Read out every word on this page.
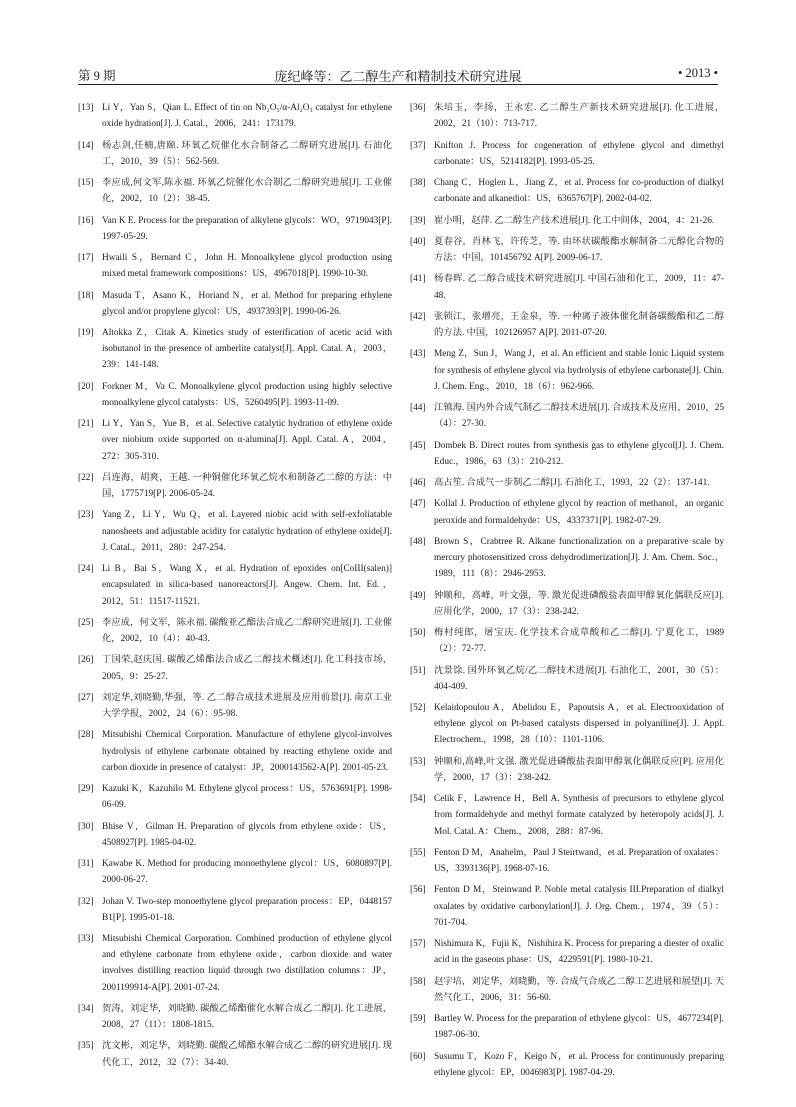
第 9 期	庞纪峰等：乙二醇生产和精制技术研究进展	• 2013 •
[13] Li Y，Yan S，Qian L. Effect of tin on Nb₂O₅/α-Al₂O₃ catalyst for ethylene oxide hydration[J]. J. Catal.，2006，241：173179.
[14] 杨志剑,任楠,唐颐. 环氧乙烷催化水合制备乙二醇研究进展[J]. 石油化工，2010，39（5）：562-569.
[15] 李应成,何文军,陈永福. 环氧乙烷催化水合制乙二醇研究进展[J]. 工业催化，2002，10（2）：38-45.
[16] Van K E. Process for the preparation of alkylene glycols：WO，9719043[P]. 1997-05-29.
[17] Hwaili S，Bernard C，John H. Monoalkylene glycol production using mixed metal framework compositions：US，4967018[P]. 1990-10-30.
[18] Masuda T，Asano K，Horiand N，et al. Method for preparing ethylene glycol and/or propylene glycol：US，4937393[P]. 1990-06-26.
[19] Altokka Z，Citak A. Kinetics study of esterification of acetic acid with isobutanol in the presence of amberlite catalyst[J]. Appl. Catal. A，2003，239：141-148.
[20] Forkner M，Va C. Monoalkylene glycol production using highly selective monoalkylene glycol catalysts：US，5260495[P]. 1993-11-09.
[21] Li Y，Yan S，Yue B，et al. Selective catalytic hydration of ethylene oxide over niobium oxide supported on α-alumina[J]. Appl. Catal. A，2004，272：305-310.
[22] 吕连海，胡爽，王越. 一种铜催化环氧乙烷水和制备乙二醇的方法：中国，1775719[P]. 2006-05-24.
[23] Yang Z，Li Y，Wu Q，et al. Layered niobic acid with self-exfoliatable nanosheets and adjustable acidity for catalytic hydration of ethylene oxide[J]. J. Catal.，2011，280：247-254.
[24] Li B，Bai S，Wang X，et al. Hydration of epoxides on[CoIII(salen)] encapsulated in silica-based nanoreactors[J]. Angew. Chem. Int. Ed.，2012，51：11517-11521.
[25] 李应成，何文军，陈永福. 碳酸亚乙酯法合成乙二醇研究进展[J]. 工业催化，2002，10（4）：40-43.
[26] 丁国荣,赵庆国. 碳酸乙烯酯法合成乙二醇技术概述[J]. 化工科技市场，2005，9：25-27.
[27] 刘定华,刘晓勤,华强，等. 乙二醇合成技术进展及应用前景[J]. 南京工业大学学报，2002，24（6）：95-98.
[28] Mitsubishi Chemical Corporation. Manufacture of ethylene glycol-involves hydrolysis of ethylene carbonate obtained by reacting ethylene oxide and carbon dioxide in presence of catalyst：JP，2000143562-A[P]. 2001-05-23.
[29] Kazuki K，Kazuhilo M. Ethylene glycol process：US，5763691[P]. 1998-06-09.
[30] Bhise V，Gilman H. Preparation of glycols from ethylene oxide：US，4508927[P]. 1985-04-02.
[31] Kawabe K. Method for producing monoethylene glycol：US，6080897[P]. 2000-06-27.
[32] Johan V. Two-step monoethylene glycol preparation process：EP，0448157 B1[P]. 1995-01-18.
[33] Mitsubishi Chemical Corporation. Combined production of ethylene glycol and ethylene carbonate from ethylene oxide，carbon dioxide and water involves distilling reaction liquid through two distillation columns：JP，2001199914-A[P]. 2001-07-24.
[34] 贺涛，刘定华，刘晓勤. 碳酸乙烯酯催化水解合成乙二醇[J]. 化工进展，2008，27（11）：1808-1815.
[35] 沈文彬，刘定华，刘晓勤. 碳酸乙烯酯水解合成乙二醇的研究进展[J]. 现代化工，2012，32（7）：34-40.
[36] 朱培玉，李扬，王永宏. 乙二醇生产新技术研究进展[J]. 化工进展，2002，21（10）：713-717.
[37] Knifton J. Process for cogeneration of ethylene glycol and dimethyl carbonate：US，5214182[P]. 1993-05-25.
[38] Chang C，Hoglen L，Jiang Z，et al. Process for co-production of dialkyl carbonate and alkanediol：US，6365767[P]. 2002-04-02.
[39] 崔小明，赵萍. 乙二醇生产技术进展[J]. 化工中间体，2004，4：21-26.
[40] 夏春谷，肖林飞，许传芝，等. 由环状碳酸酯水解制备二元醇化合物的方法：中国，101456792 A[P]. 2009-06-17.
[41] 杨春晖. 乙二醇合成技术研究进展[J]. 中国石油和化工，2009，11：47-48.
[42] 张锁江，张增亮，王金泉，等. 一种离子液体催化制备碳酸酯和乙二醇的方法. 中国，102126957 A[P]. 2011-07-20.
[43] Meng Z，Sun J，Wang J，et al. An efficient and stable Ionic Liquid system for synthesis of ethylene glycol via hydrolysis of ethylene carbonate[J]. Chin. J. Chem. Eng.，2010，18（6）：962-966.
[44] 江镇海. 国内外合成气制乙二醇技术进展[J]. 合成技术及应用，2010，25（4）：27-30.
[45] Dombek B. Direct routes from synthesis gas to ethylene glycol[J]. J. Chem. Educ.，1986，63（3）：210-212.
[46] 高占笙. 合成气一步制乙二醇[J]. 石油化工，1993，22（2）：137-141.
[47] Kollal J. Production of ethylene glycol by reaction of methanol，an organic peroxide and formaldehyde：US，4337371[P]. 1982-07-29.
[48] Brown S，Crabtree R. Alkane functionalization on a preparative scale by mercury photosensitized cross dehydrodimerization[J]. J. Am. Chem. Soc.，1989，111（8）：2946-2953.
[49] 钟顺和，高峰，叶文强，等. 激光促进磷酸盐表面甲醇氧化偶联反应[J]. 应用化学，2000，17（3）：238-242.
[50] 梅村纯郎，屠宝庆. 化学技术合成草酸和乙二醇[J]. 宁夏化工，1989（2）：72-77.
[51] 沈景馀. 国外环氧乙烷/乙二醇技术进展[J]. 石油化工，2001，30（5）：404-409.
[52] Kelaidopoulou A，Abelidou E，Papoutsis A，et al. Electrooxidation of ethylene glycol on Pt-based catalysts dispersed in polyaniline[J]. J. Appl. Electrochem.，1998，28（10）：1101-1106.
[53] 钟顺和,高峰,叶文强. 激光促进磷酸盐表面甲醇氧化偶联反应[P]. 应用化学，2000，17（3）：238-242.
[54] Celik F，Lawrence H，Bell A. Synthesis of precursors to ethylene glycol from formaldehyde and methyl formate catalyzed by heteropoly acids[J]. J. Mol. Catal. A：Chem.，2008，288：87-96.
[55] Fenton D M，Anahelm，Paul J Steirtwand，et al. Preparation of oxalates：US，3393136[P]. 1968-07-16.
[56] Fenton D M，Steinwand P. Noble metal catalysis III.Preparation of dialkyl oxalates by oxidative carbonylation[J]. J. Org. Chem.，1974，39（5）：701-704.
[57] Nishimura K，Fujii K，Nishihira K. Process for preparing a diester of oxalic acid in the gaseous phase：US，4229591[P]. 1980-10-21.
[58] 赵宇培，刘定华，刘晓勤，等. 合成气合成乙二醇工艺进展和展望[J]. 天然气化工，2006，31：56-60.
[59] Bartley W. Process for the preparation of ethylene glycol：US，4677234[P]. 1987-06-30.
[60] Susumu T，Kozo F，Keigo N，et al. Process for continuously preparing ethylene glycol：EP，0046983[P]. 1987-04-29.
